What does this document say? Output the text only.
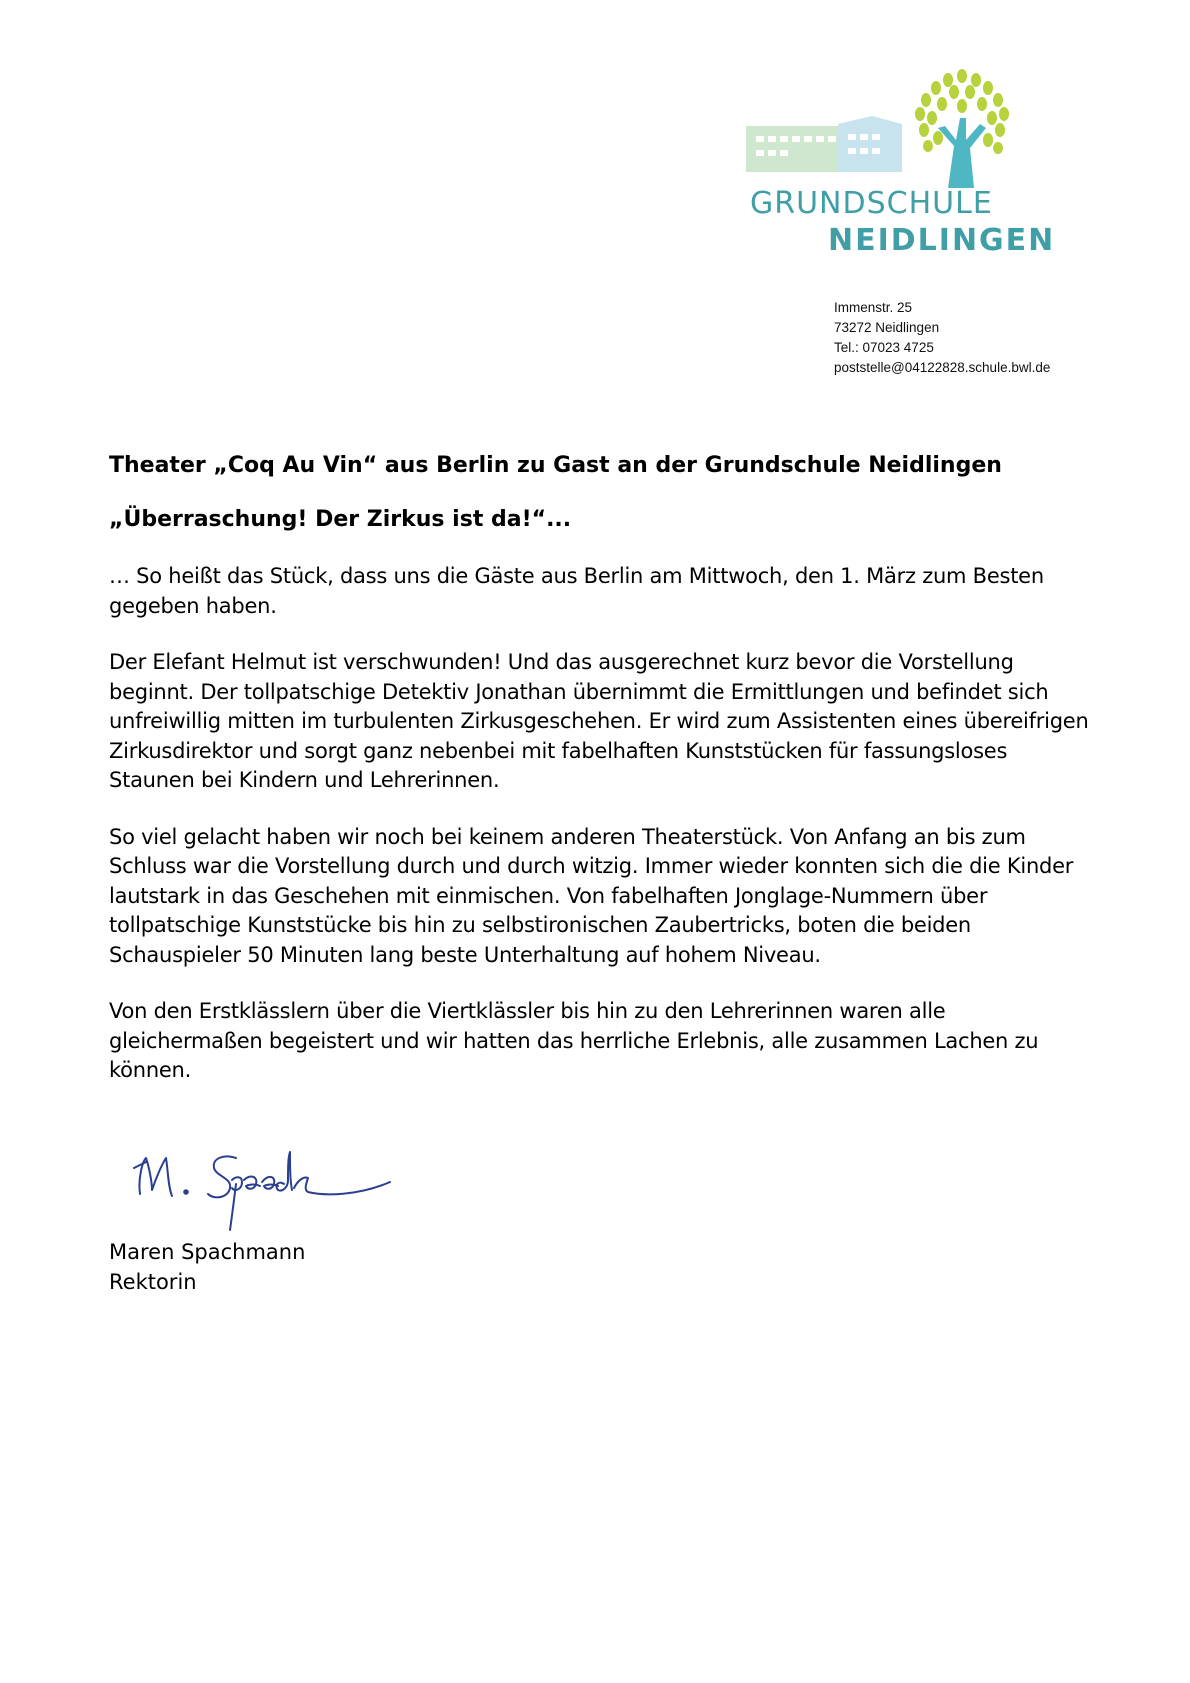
GRUNDSCHULE
NEIDLINGEN
Immenstr. 25
73272 Neidlingen
Tel.: 07023 4725
poststelle@04122828.schule.bwl.de
Theater „Coq Au Vin“ aus Berlin zu Gast an der Grundschule Neidlingen
„Überraschung! Der Zirkus ist da!“...

… So heißt das Stück, dass uns die Gäste aus Berlin am Mittwoch, den 1. März zum Besten gegeben haben.

Der Elefant Helmut ist verschwunden! Und das ausgerechnet kurz bevor die Vorstellung beginnt. Der tollpatschige Detektiv Jonathan übernimmt die Ermittlungen und befindet sich unfreiwillig mitten im turbulenten Zirkusgeschehen. Er wird zum Assistenten eines übereifrigen Zirkusdirektor und sorgt ganz nebenbei mit fabelhaften Kunststücken für fassungsloses Staunen bei Kindern und Lehrerinnen.

So viel gelacht haben wir noch bei keinem anderen Theaterstück. Von Anfang an bis zum Schluss war die Vorstellung durch und durch witzig. Immer wieder konnten sich die die Kinder lautstark in das Geschehen mit einmischen. Von fabelhaften Jonglage-Nummern über tollpatschige Kunststücke bis hin zu selbstironischen Zaubertricks, boten die beiden Schauspieler 50 Minuten lang beste Unterhaltung auf hohem Niveau.

Von den Erstklässlern über die Viertklässler bis hin zu den Lehrerinnen waren alle gleichermaßen begeistert und wir hatten das herrliche Erlebnis, alle zusammen Lachen zu können.

Maren Spachmann
Rektorin
